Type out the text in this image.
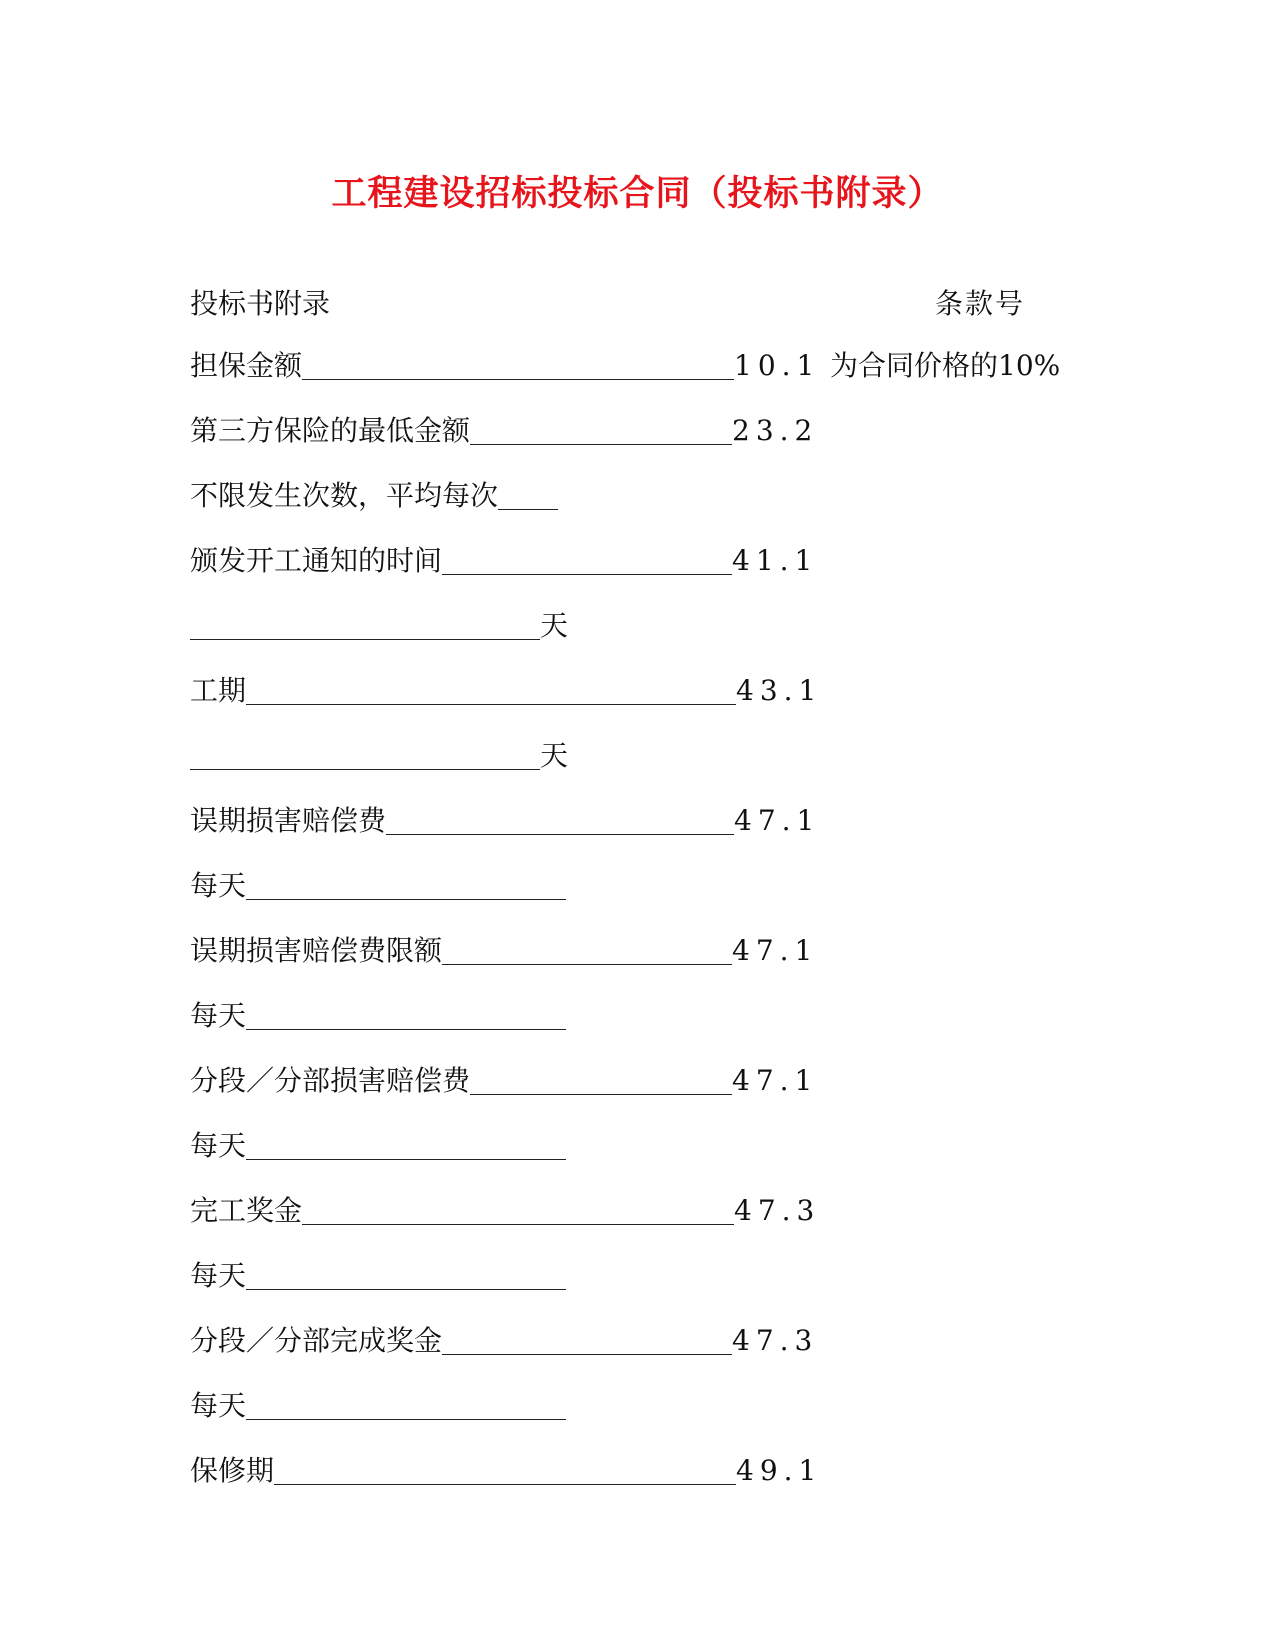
工程建设招标投标合同（投标书附录）
投标书附录	条款号
担保金额	10.1 为合同价格的10%
第三方保险的最低金额	23.2
不限发生次数，平均每次
颁发开工通知的时间	41.1
天
工期	43.1
天
误期损害赔偿费	47.1
每天
误期损害赔偿费限额	47.1
每天
分段／分部损害赔偿费	47.1
每天
完工奖金	47.3
每天
分段／分部完成奖金	47.3
每天
保修期	49.1
